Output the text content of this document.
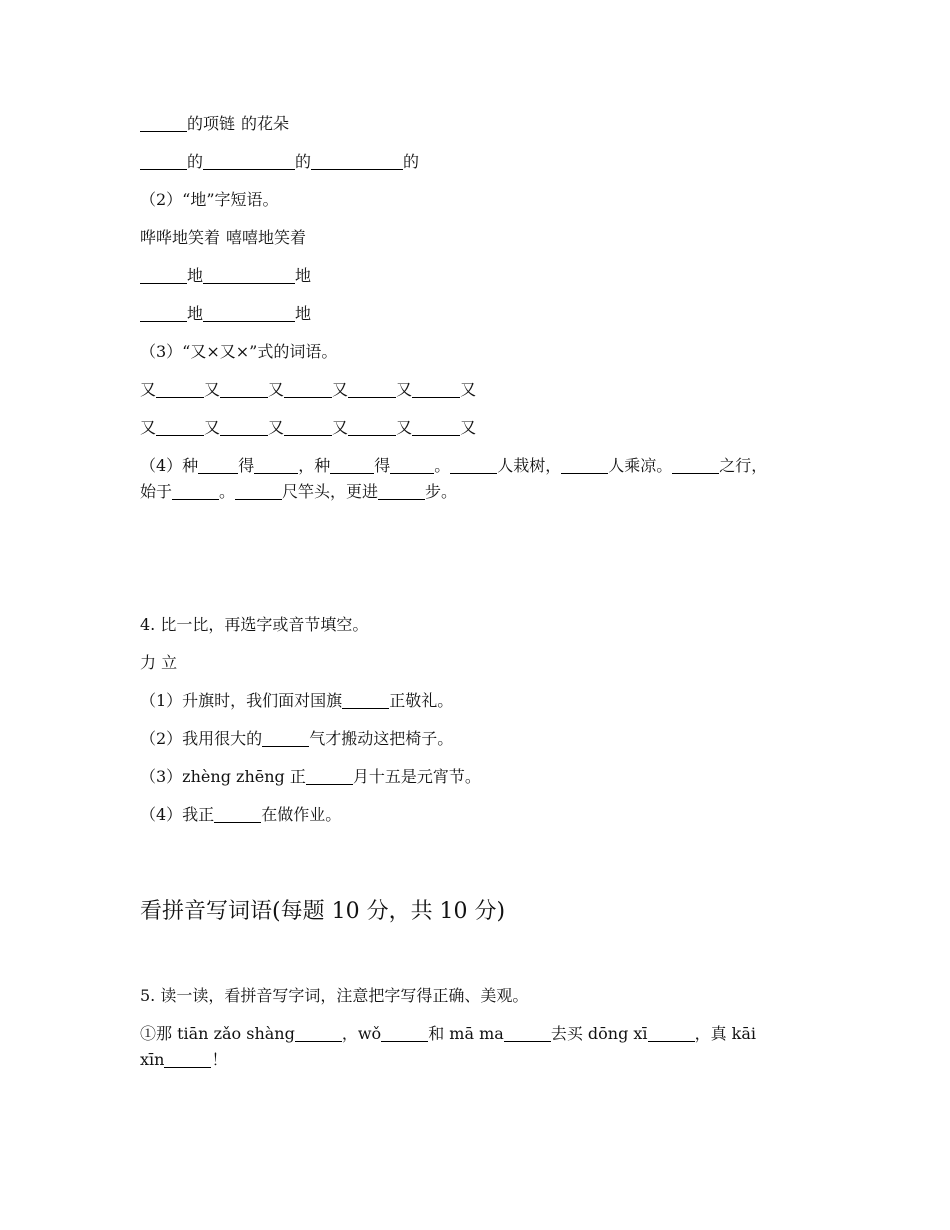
的项链 的花朵
的	的	的
（2）“地”字短语。
哗哗地笑着 嘻嘻地笑着
地	地
地	地
（3）“又×又×”式的词语。
又	又	又	又	又	又
又	又	又	又	又	又
（4）种	得	，种	得	。	人栽树，	人乘凉。	之行，
始于	。	尺竿头，更进	步。
4. 比一比，再选字或音节填空。
力 立
（1）升旗时，我们面对国旗	正敬礼。
（2）我用很大的	气才搬动这把椅子。
（3）zhèng zhēng 正	月十五是元宵节。
（4）我正	在做作业。
看拼音写词语(每题 10 分，共 10 分)
5. 读一读，看拼音写字词，注意把字写得正确、美观。
①那 tiān zǎo shàng	，wǒ	和 mā ma	去买 dōng xī	，真 kāi
xīn	！
